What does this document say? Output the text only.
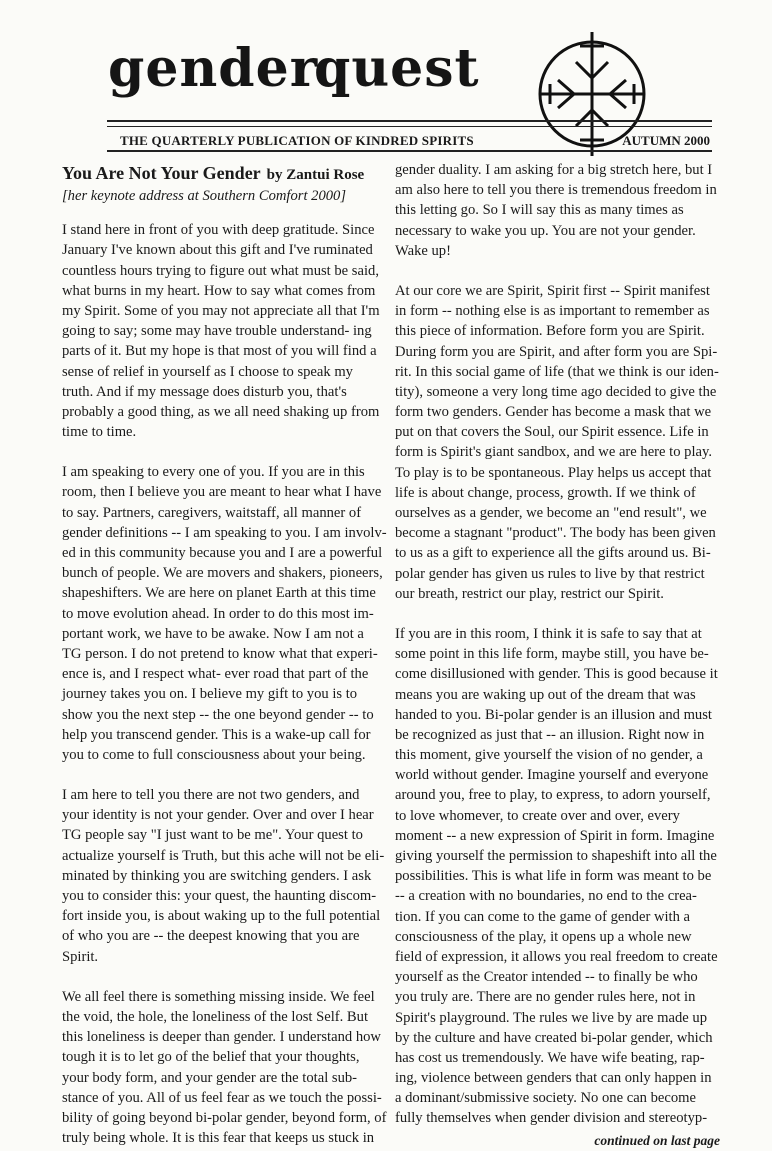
gender
quest
THE QUARTERLY PUBLICATION OF KINDRED SPIRITS	AUTUMN 2000
You Are Not Your Gender by Zantui Rose
[her keynote address at Southern Comfort 2000]
I stand here in front of you with deep gratitude. Since
January I've known about this gift and I've ruminated
countless hours trying to figure out what must be said,
what burns in my heart. How to say what comes from
my Spirit. Some of you may not appreciate all that I'm
going to say; some may have trouble understand- ing
parts of it. But my hope is that most of you will find a
sense of relief in yourself as I choose to speak my
truth. And if my message does disturb you, that's
probably a good thing, as we all need shaking up from
time to time.
I am speaking to every one of you. If you are in this
room, then I believe you are meant to hear what I have
to say. Partners, caregivers, waitstaff, all manner of
gender definitions -- I am speaking to you. I am involv-
ed in this community because you and I are a powerful
bunch of people. We are movers and shakers, pioneers,
shapeshifters. We are here on planet Earth at this time
to move evolution ahead. In order to do this most im-
portant work, we have to be awake. Now I am not a
TG person. I do not pretend to know what that experi-
ence is, and I respect what- ever road that part of the
journey takes you on. I believe my gift to you is to
show you the next step -- the one beyond gender -- to
help you transcend gender. This is a wake-up call for
you to come to full consciousness about your being.
I am here to tell you there are not two genders, and
your identity is not your gender. Over and over I hear
TG people say "I just want to be me". Your quest to
actualize yourself is Truth, but this ache will not be eli-
minated by thinking you are switching genders. I ask
you to consider this: your quest, the haunting discom-
fort inside you, is about waking up to the full potential
of who you are -- the deepest knowing that you are
Spirit.
We all feel there is something missing inside. We feel
the void, the hole, the loneliness of the lost Self. But
this loneliness is deeper than gender. I understand how
tough it is to let go of the belief that your thoughts,
your body form, and your gender are the total sub-
stance of you. All of us feel fear as we touch the possi-
bility of going beyond bi-polar gender, beyond form, of
truly being whole. It is this fear that keeps us stuck in
gender duality. I am asking for a big stretch here, but I
am also here to tell you there is tremendous freedom in
this letting go. So I will say this as many times as
necessary to wake you up. You are not your gender.
Wake up!
At our core we are Spirit, Spirit first -- Spirit manifest
in form -- nothing else is as important to remember as
this piece of information. Before form you are Spirit.
During form you are Spirit, and after form you are Spi-
rit. In this social game of life (that we think is our iden-
tity), someone a very long time ago decided to give the
form two genders. Gender has become a mask that we
put on that covers the Soul, our Spirit essence. Life in
form is Spirit's giant sandbox, and we are here to play.
To play is to be spontaneous. Play helps us accept that
life is about change, process, growth. If we think of
ourselves as a gender, we become an "end result", we
become a stagnant "product". The body has been given
to us as a gift to experience all the gifts around us. Bi-
polar gender has given us rules to live by that restrict
our breath, restrict our play, restrict our Spirit.
If you are in this room, I think it is safe to say that at
some point in this life form, maybe still, you have be-
come disillusioned with gender. This is good because it
means you are waking up out of the dream that was
handed to you. Bi-polar gender is an illusion and must
be recognized as just that -- an illusion. Right now in
this moment, give yourself the vision of no gender, a
world without gender. Imagine yourself and everyone
around you, free to play, to express, to adorn yourself,
to love whomever, to create over and over, every
moment -- a new expression of Spirit in form. Imagine
giving yourself the permission to shapeshift into all the
possibilities. This is what life in form was meant to be
-- a creation with no boundaries, no end to the crea-
tion. If you can come to the game of gender with a
consciousness of the play, it opens up a whole new
field of expression, it allows you real freedom to create
yourself as the Creator intended -- to finally be who
you truly are. There are no gender rules here, not in
Spirit's playground. The rules we live by are made up
by the culture and have created bi-polar gender, which
has cost us tremendously. We have wife beating, rap-
ing, violence between genders that can only happen in
a dominant/submissive society. No one can become
fully themselves when gender division and stereotyp-
continued on last page
